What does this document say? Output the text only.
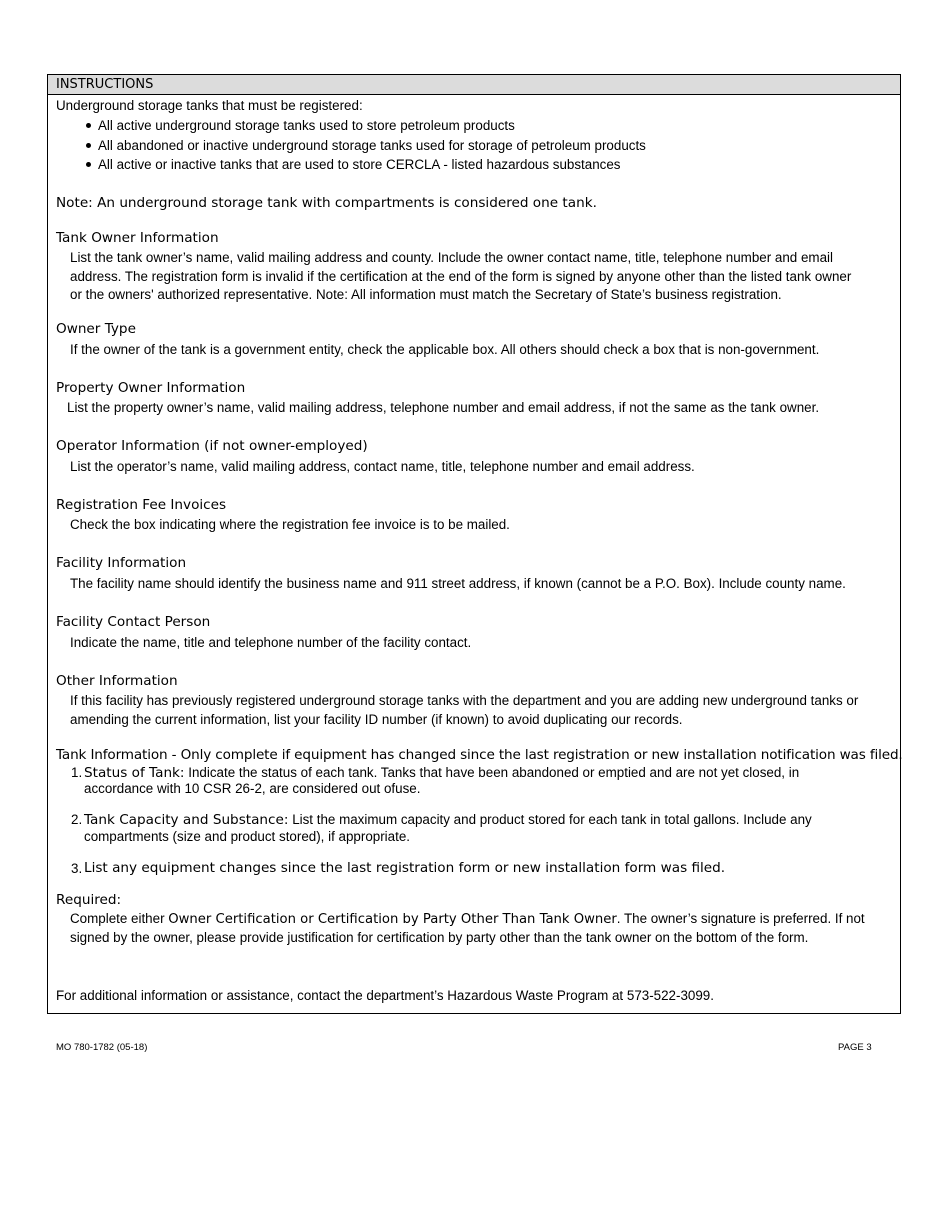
INSTRUCTIONS
Underground storage tanks that must be registered:
All active underground storage tanks used to store petroleum products
All abandoned or inactive underground storage tanks used for storage of petroleum products
All active or inactive tanks that are used to store CERCLA - listed hazardous substances
Note: An underground storage tank with compartments is considered one tank.
Tank Owner Information
List the tank owner’s name, valid mailing address and county. Include the owner contact name, title, telephone number and email
address. The registration form is invalid if the certification at the end of the form is signed by anyone other than the listed tank owner
or the owners' authorized representative. Note: All information must match the Secretary of State’s business registration.
Owner Type
If the owner of the tank is a government entity, check the applicable box. All others should check a box that is non-government.
Property Owner Information
List the property owner’s name, valid mailing address, telephone number and email address, if not the same as the tank owner.
Operator Information (if not owner-employed)
List the operator’s name, valid mailing address, contact name, title, telephone number and email address.
Registration Fee Invoices
Check the box indicating where the registration fee invoice is to be mailed.
Facility Information
The facility name should identify the business name and 911 street address, if known (cannot be a P.O. Box). Include county name.
Facility Contact Person
Indicate the name, title and telephone number of the facility contact.
Other Information
If this facility has previously registered underground storage tanks with the department and you are adding new underground tanks or
amending the current information, list your facility ID number (if known) to avoid duplicating our records.
Tank Information - Only complete if equipment has changed since the last registration or new installation notification was filed.
1. Status of Tank: Indicate the status of each tank. Tanks that have been abandoned or emptied and are not yet closed, in
accordance with 10 CSR 26-2, are considered out ofuse.
2. Tank Capacity and Substance: List the maximum capacity and product stored for each tank in total gallons. Include any
compartments (size and product stored), if appropriate.
3. List any equipment changes since the last registration form or new installation form was filed.
Required:
Complete either Owner Certification or Certification by Party Other Than Tank Owner. The owner’s signature is preferred. If not
signed by the owner, please provide justification for certification by party other than the tank owner on the bottom of the form.
For additional information or assistance, contact the department’s Hazardous Waste Program at 573-522-3099.
MO 780-1782 (05-18)	PAGE 3
